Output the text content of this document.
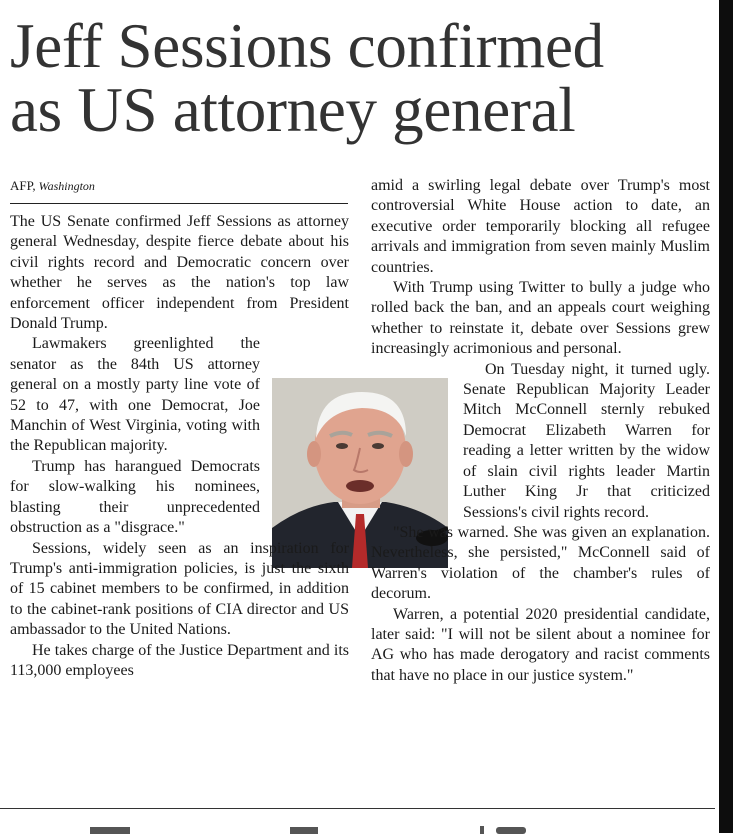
Jeff Sessions confirmed
as US attorney general
AFP, Washington

The US Senate confirmed Jeff Sessions as attorney general Wednesday, despite fierce debate about his civil rights record and Democratic concern over whether he serves as the nation's top law enforcement officer independent from President Donald Trump.

Lawmakers greenlighted the senator as the 84th US attorney general on a mostly party line vote of 52 to 47, with one Democrat, Joe Manchin of West Virginia, voting with the Republican majority.

Trump has harangued Democrats for slow-walking his nominees, blasting their unprecedented obstruction as a "disgrace."

Sessions, widely seen as an inspiration for Trump's anti-immigration policies, is just the sixth of 15 cabinet members to be confirmed, in addition to the cabinet-rank positions of CIA director and US ambassador to the United Nations.

He takes charge of the Justice Department and its 113,000 employees

amid a swirling legal debate over Trump's most controversial White House action to date, an executive order temporarily blocking all refugee arrivals and immigration from seven mainly Muslim countries.

With Trump using Twitter to bully a judge who rolled back the ban, and an appeals court weighing whether to reinstate it, debate over Sessions grew increasingly acrimonious and personal.

On Tuesday night, it turned ugly. Senate Republican Majority Leader Mitch McConnell sternly rebuked Democrat Elizabeth Warren for reading a letter written by the widow of slain civil rights leader Martin Luther King Jr that criticized Sessions's civil rights record.

"She was warned. She was given an explanation. Nevertheless, she persisted," McConnell said of Warren's violation of the chamber's rules of decorum.

Warren, a potential 2020 presidential candidate, later said: "I will not be silent about a nominee for AG who has made derogatory and racist comments that have no place in our justice system."
